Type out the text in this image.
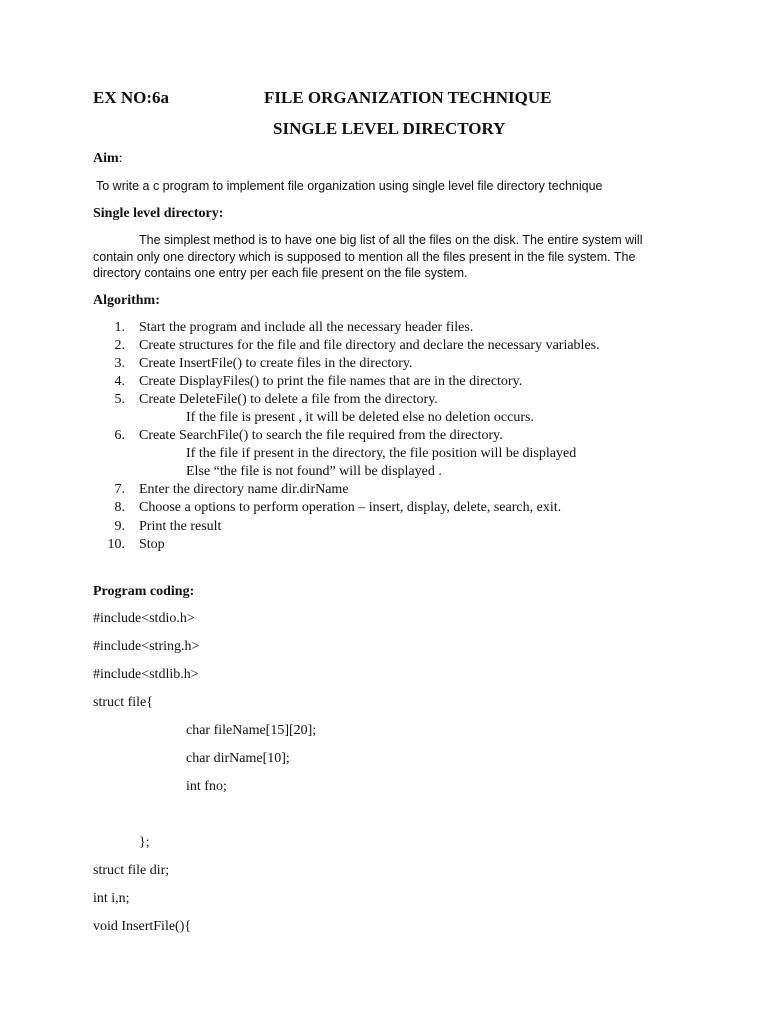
EX NO:6a	FILE ORGANIZATION TECHNIQUE
SINGLE LEVEL DIRECTORY
Aim:
To write a c program to implement file organization using single level file directory technique
Single level directory:
The simplest method is to have one big list of all the files on the disk. The entire system will
contain only one directory which is supposed to mention all the files present in the file system. The
directory contains one entry per each file present on the file system.
Algorithm:
1. Start the program and include all the necessary header files.
2. Create structures for the file and file directory and declare the necessary variables.
3. Create InsertFile() to create files in the directory.
4. Create DisplayFiles() to print the file names that are in the directory.
5. Create DeleteFile() to delete a file from the directory.
If the file is present , it will be deleted else no deletion occurs.
6. Create SearchFile() to search the file required from the directory.
If the file if present in the directory, the file position will be displayed
Else “the file is not found” will be displayed .
7. Enter the directory name dir.dirName
8. Choose a options to perform operation – insert, display, delete, search, exit.
9. Print the result
10. Stop
Program coding:
#include<stdio.h>
#include<string.h>
#include<stdlib.h>
struct file{
char fileName[15][20];
char dirName[10];
int fno;
};
struct file dir;
int i,n;
void InsertFile(){
